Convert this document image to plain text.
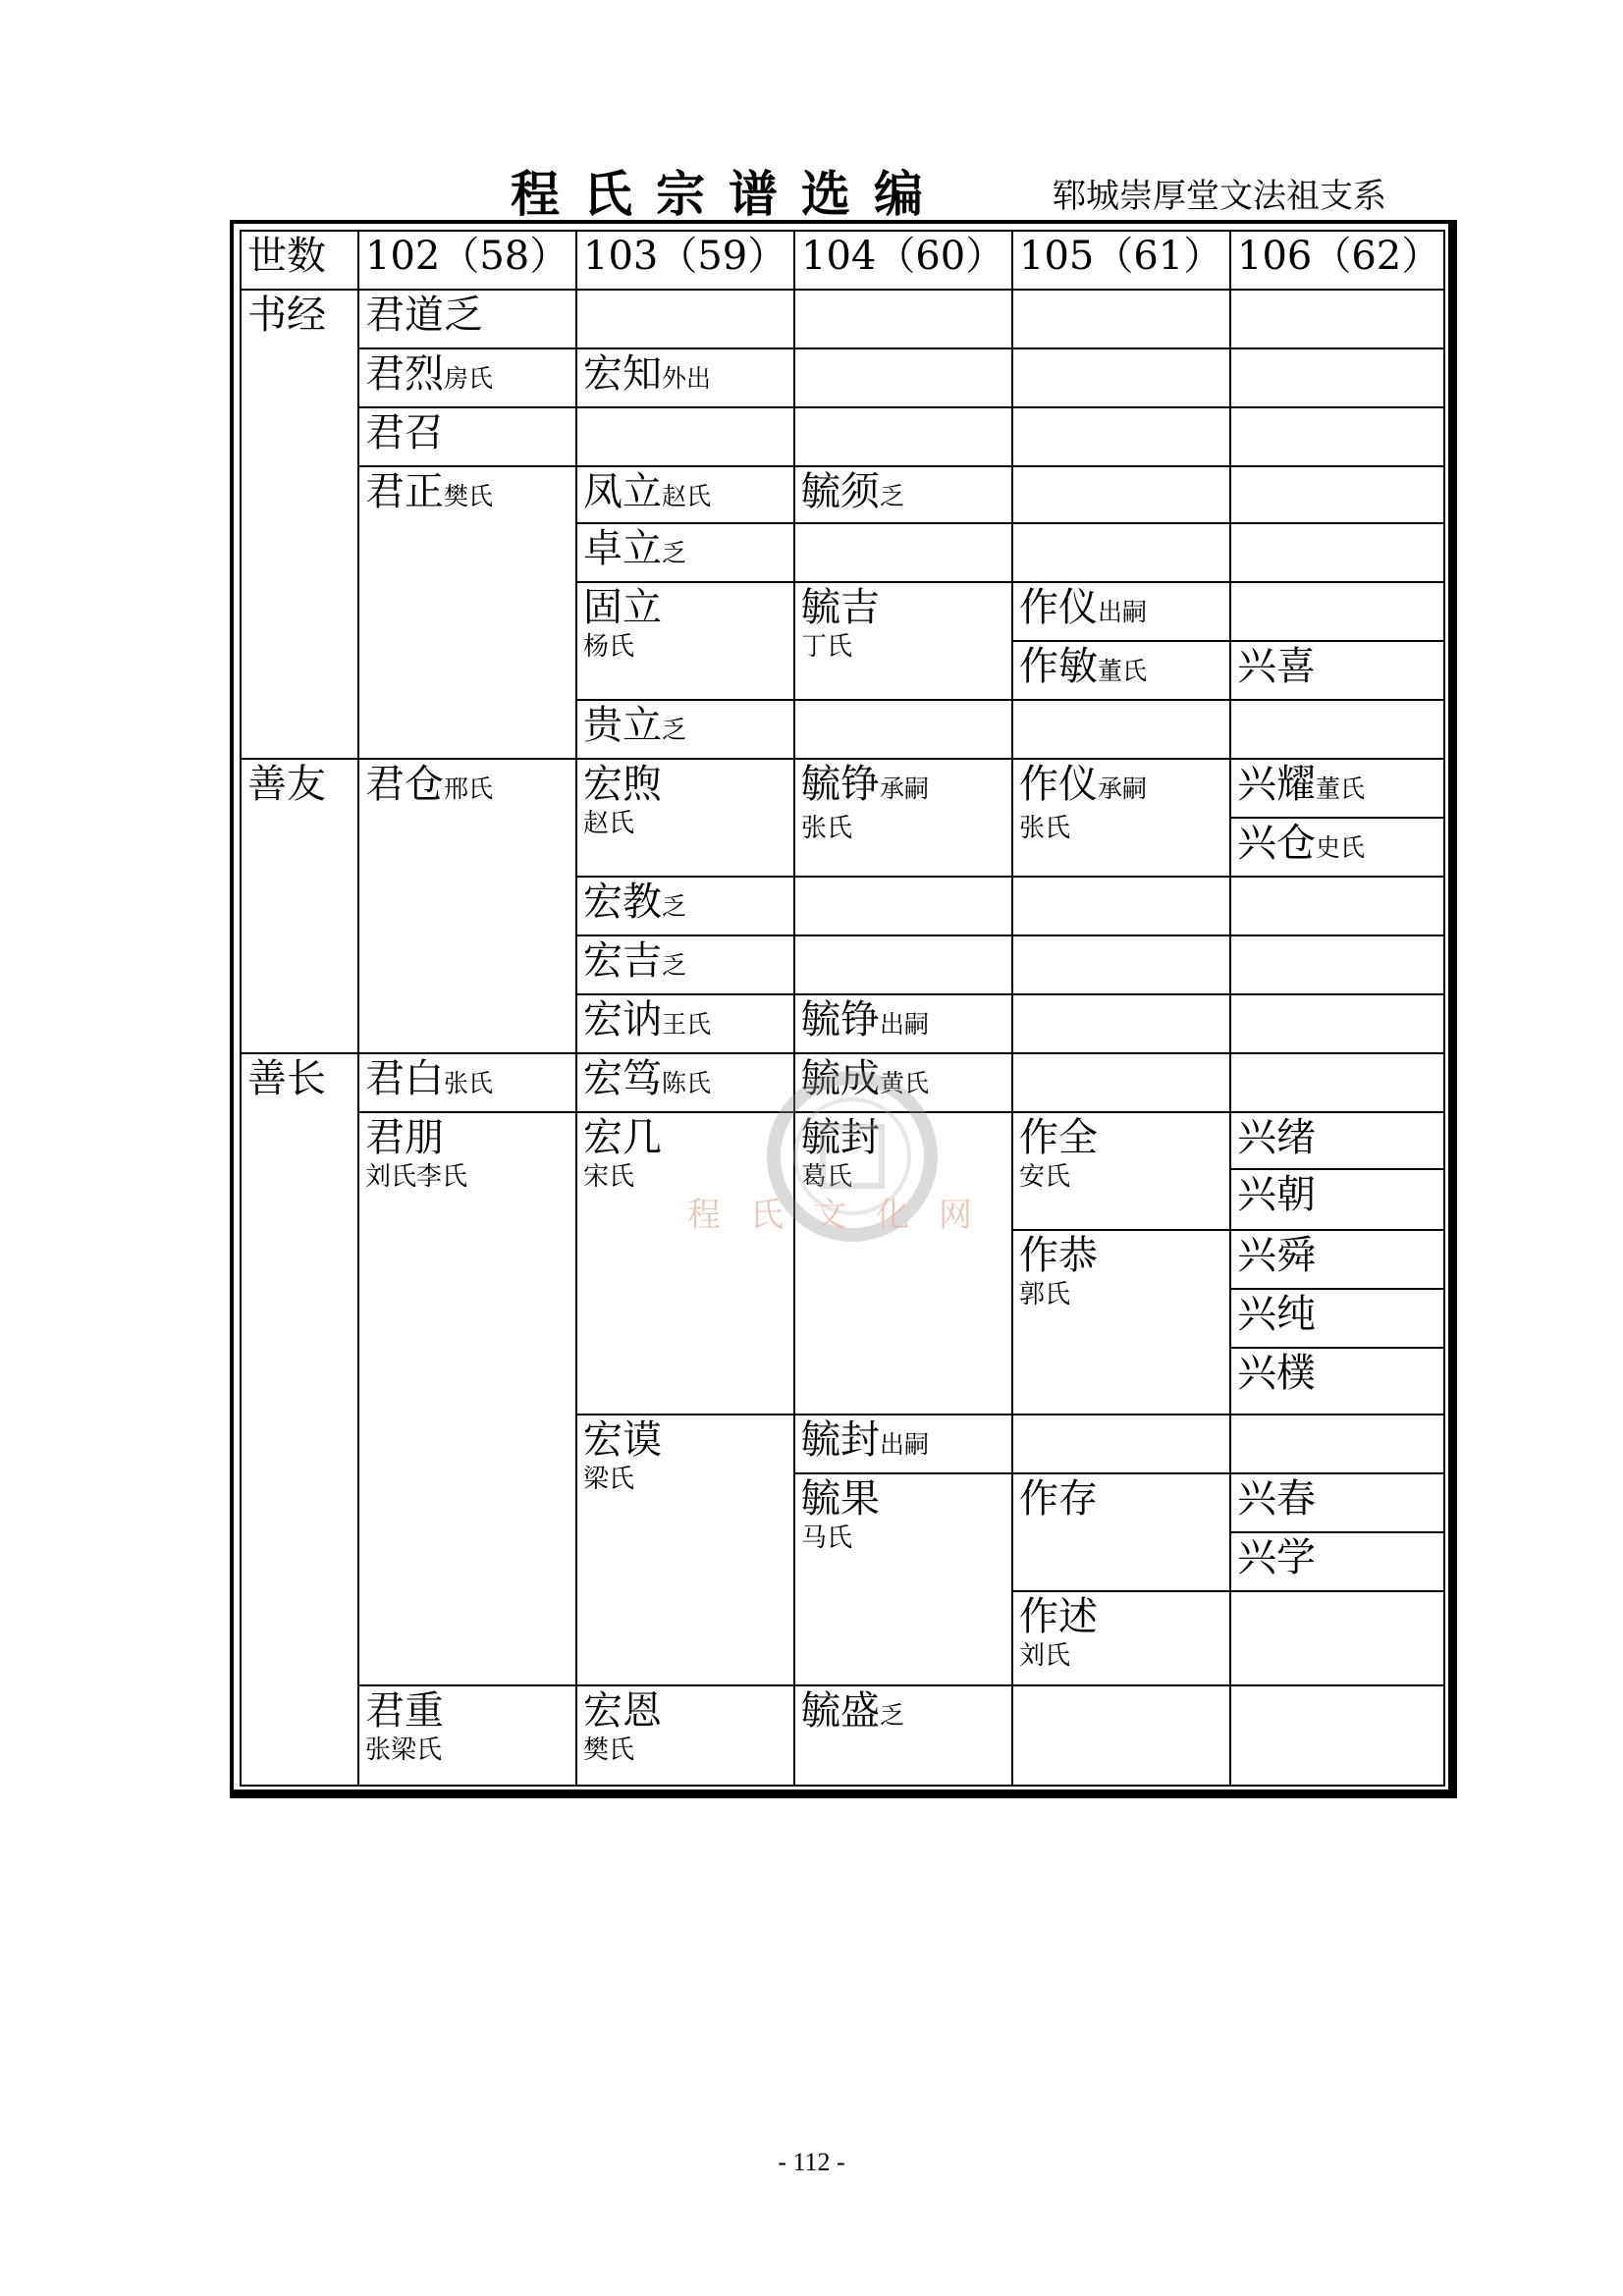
程氏宗谱选编	郓城崇厚堂文法祖支系
世数	102（58） 103（59） 104（60） 105（61） 106（62）
书经
善友
善长
君道乏
君烈房氏
君召
君正樊氏
君仓邢氏
君白张氏
君朋
刘氏李氏
君重
张梁氏
宏知外出
凤立赵氏
卓立乏
固立
杨氏
贵立乏
宏煦
赵氏
宏教乏
宏吉乏
宏讷王氏
宏笃陈氏
宏几
宋氏
宏谟
梁氏
宏恩
樊氏
毓须乏
毓吉
丁氏
毓铮承嗣
张氏
毓铮出嗣
毓成黄氏
毓封
葛氏
毓封出嗣
毓果
马氏
毓盛乏
作仪出嗣
作敏董氏
作仪承嗣
张氏
作全
安氏
作恭
郭氏
作存
作述
刘氏
兴喜
兴耀董氏
兴仓史氏
兴绪
兴朝
兴舜
兴纯
兴樸
兴春
兴学
程氏文化网
- 112 -
